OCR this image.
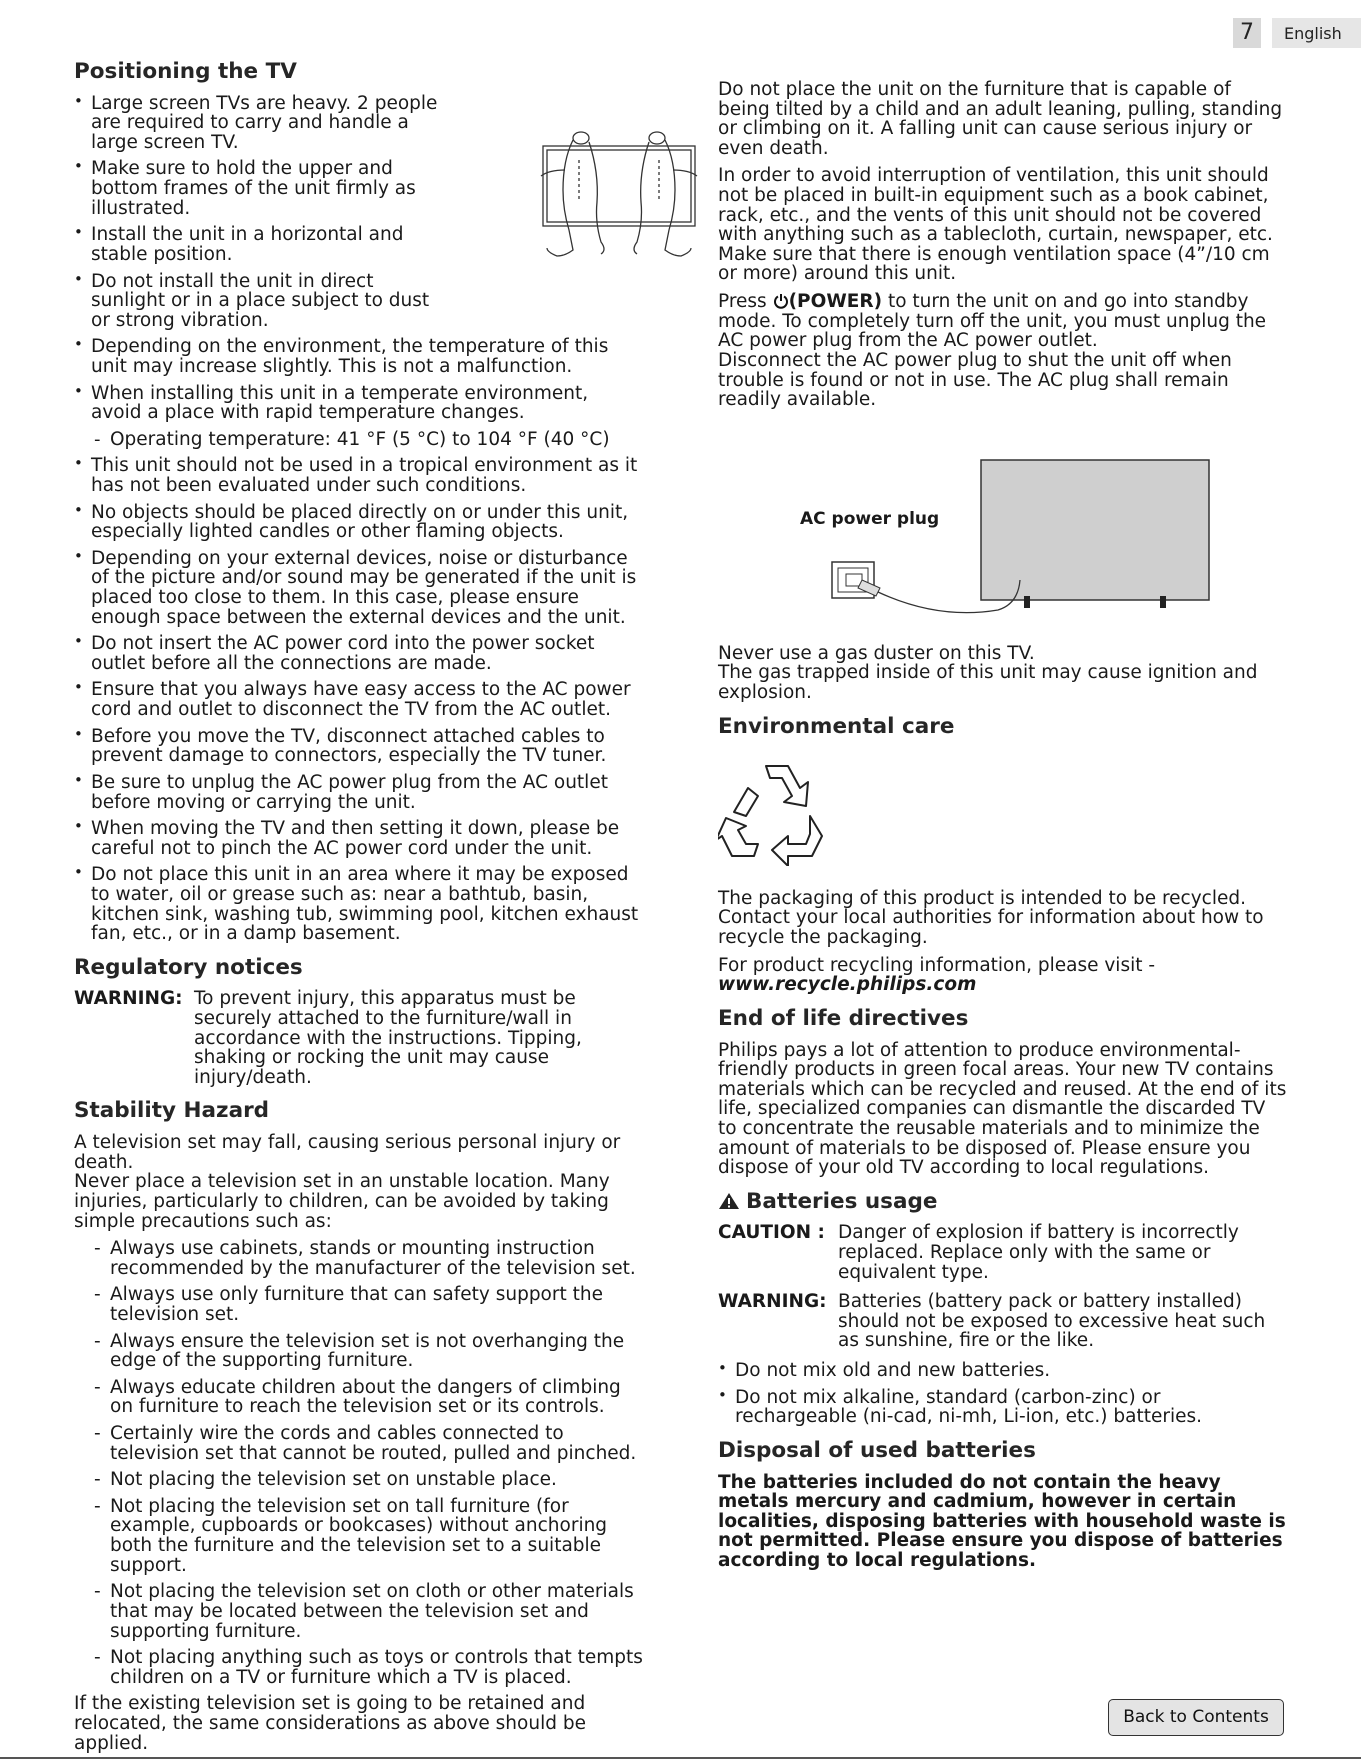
7	English
Positioning the TV
• Large screen TVs are heavy. 2 people are required to carry and handle a large screen TV.
• Make sure to hold the upper and bottom frames of the unit firmly as illustrated.
• Install the unit in a horizontal and stable position.
• Do not install the unit in direct sunlight or in a place subject to dust or strong vibration.
• Depending on the environment, the temperature of this unit may increase slightly. This is not a malfunction.
• When installing this unit in a temperate environment, avoid a place with rapid temperature changes.
- Operating temperature: 41 °F (5 °C) to 104 °F (40 °C)
• This unit should not be used in a tropical environment as it has not been evaluated under such conditions.
• No objects should be placed directly on or under this unit, especially lighted candles or other flaming objects.
• Depending on your external devices, noise or disturbance of the picture and/or sound may be generated if the unit is placed too close to them. In this case, please ensure enough space between the external devices and the unit.
• Do not insert the AC power cord into the power socket outlet before all the connections are made.
• Ensure that you always have easy access to the AC power cord and outlet to disconnect the TV from the AC outlet.
• Before you move the TV, disconnect attached cables to prevent damage to connectors, especially the TV tuner.
• Be sure to unplug the AC power plug from the AC outlet before moving or carrying the unit.
• When moving the TV and then setting it down, please be careful not to pinch the AC power cord under the unit.
• Do not place this unit in an area where it may be exposed to water, oil or grease such as: near a bathtub, basin, kitchen sink, washing tub, swimming pool, kitchen exhaust fan, etc., or in a damp basement.
Regulatory notices
WARNING: To prevent injury, this apparatus must be securely attached to the furniture/wall in accordance with the instructions. Tipping, shaking or rocking the unit may cause injury/death.
Stability Hazard

A television set may fall, causing serious personal injury or death.

Never place a television set in an unstable location. Many injuries, particularly to children, can be avoided by taking simple precautions such as:

- Always use cabinets, stands or mounting instruction recommended by the manufacturer of the television set.
- Always use only furniture that can safety support the television set.
- Always ensure the television set is not overhanging the edge of the supporting furniture.
- Always educate children about the dangers of climbing on furniture to reach the television set or its controls.
- Certainly wire the cords and cables connected to television set that cannot be routed, pulled and pinched.
- Not placing the television set on unstable place.
- Not placing the television set on tall furniture (for example, cupboards or bookcases) without anchoring both the furniture and the television set to a suitable support.
- Not placing the television set on cloth or other materials that may be located between the television set and supporting furniture.
- Not placing anything such as toys or controls that tempts children on a TV or furniture which a TV is placed.

If the existing television set is going to be retained and relocated, the same considerations as above should be applied.

Do not place the unit on the furniture that is capable of being tilted by a child and an adult leaning, pulling, standing or climbing on it. A falling unit can cause serious injury or even death.

In order to avoid interruption of ventilation, this unit should not be placed in built-in equipment such as a book cabinet, rack, etc., and the vents of this unit should not be covered with anything such as a tablecloth, curtain, newspaper, etc. Make sure that there is enough ventilation space (4”/10 cm or more) around this unit.

Press (POWER) to turn the unit on and go into standby mode. To completely turn off the unit, you must unplug the AC power plug from the AC power outlet.

Disconnect the AC power plug to shut the unit off when trouble is found or not in use. The AC plug shall remain readily available.

AC power plug

Never use a gas duster on this TV.

The gas trapped inside of this unit may cause ignition and explosion.

Environmental care

The packaging of this product is intended to be recycled. Contact your local authorities for information about how to recycle the packaging.

For product recycling information, please visit -

www.recycle.philips.com

End of life directives

Philips pays a lot of attention to produce environmental-friendly products in green focal areas. Your new TV contains materials which can be recycled and reused. At the end of its life, specialized companies can dismantle the discarded TV to concentrate the reusable materials and to minimize the amount of materials to be disposed of. Please ensure you dispose of your old TV according to local regulations.

Batteries usage
CAUTION : Danger of explosion if battery is incorrectly replaced. Replace only with the same or equivalent type.
WARNING: Batteries (battery pack or battery installed) should not be exposed to excessive heat such as sunshine, fire or the like.
• Do not mix old and new batteries.
• Do not mix alkaline, standard (carbon-zinc) or rechargeable (ni-cad, ni-mh, Li-ion, etc.) batteries.
Disposal of used batteries

The batteries included do not contain the heavy metals mercury and cadmium, however in certain localities, disposing batteries with household waste is not permitted. Please ensure you dispose of batteries according to local regulations.

Back to Contents
